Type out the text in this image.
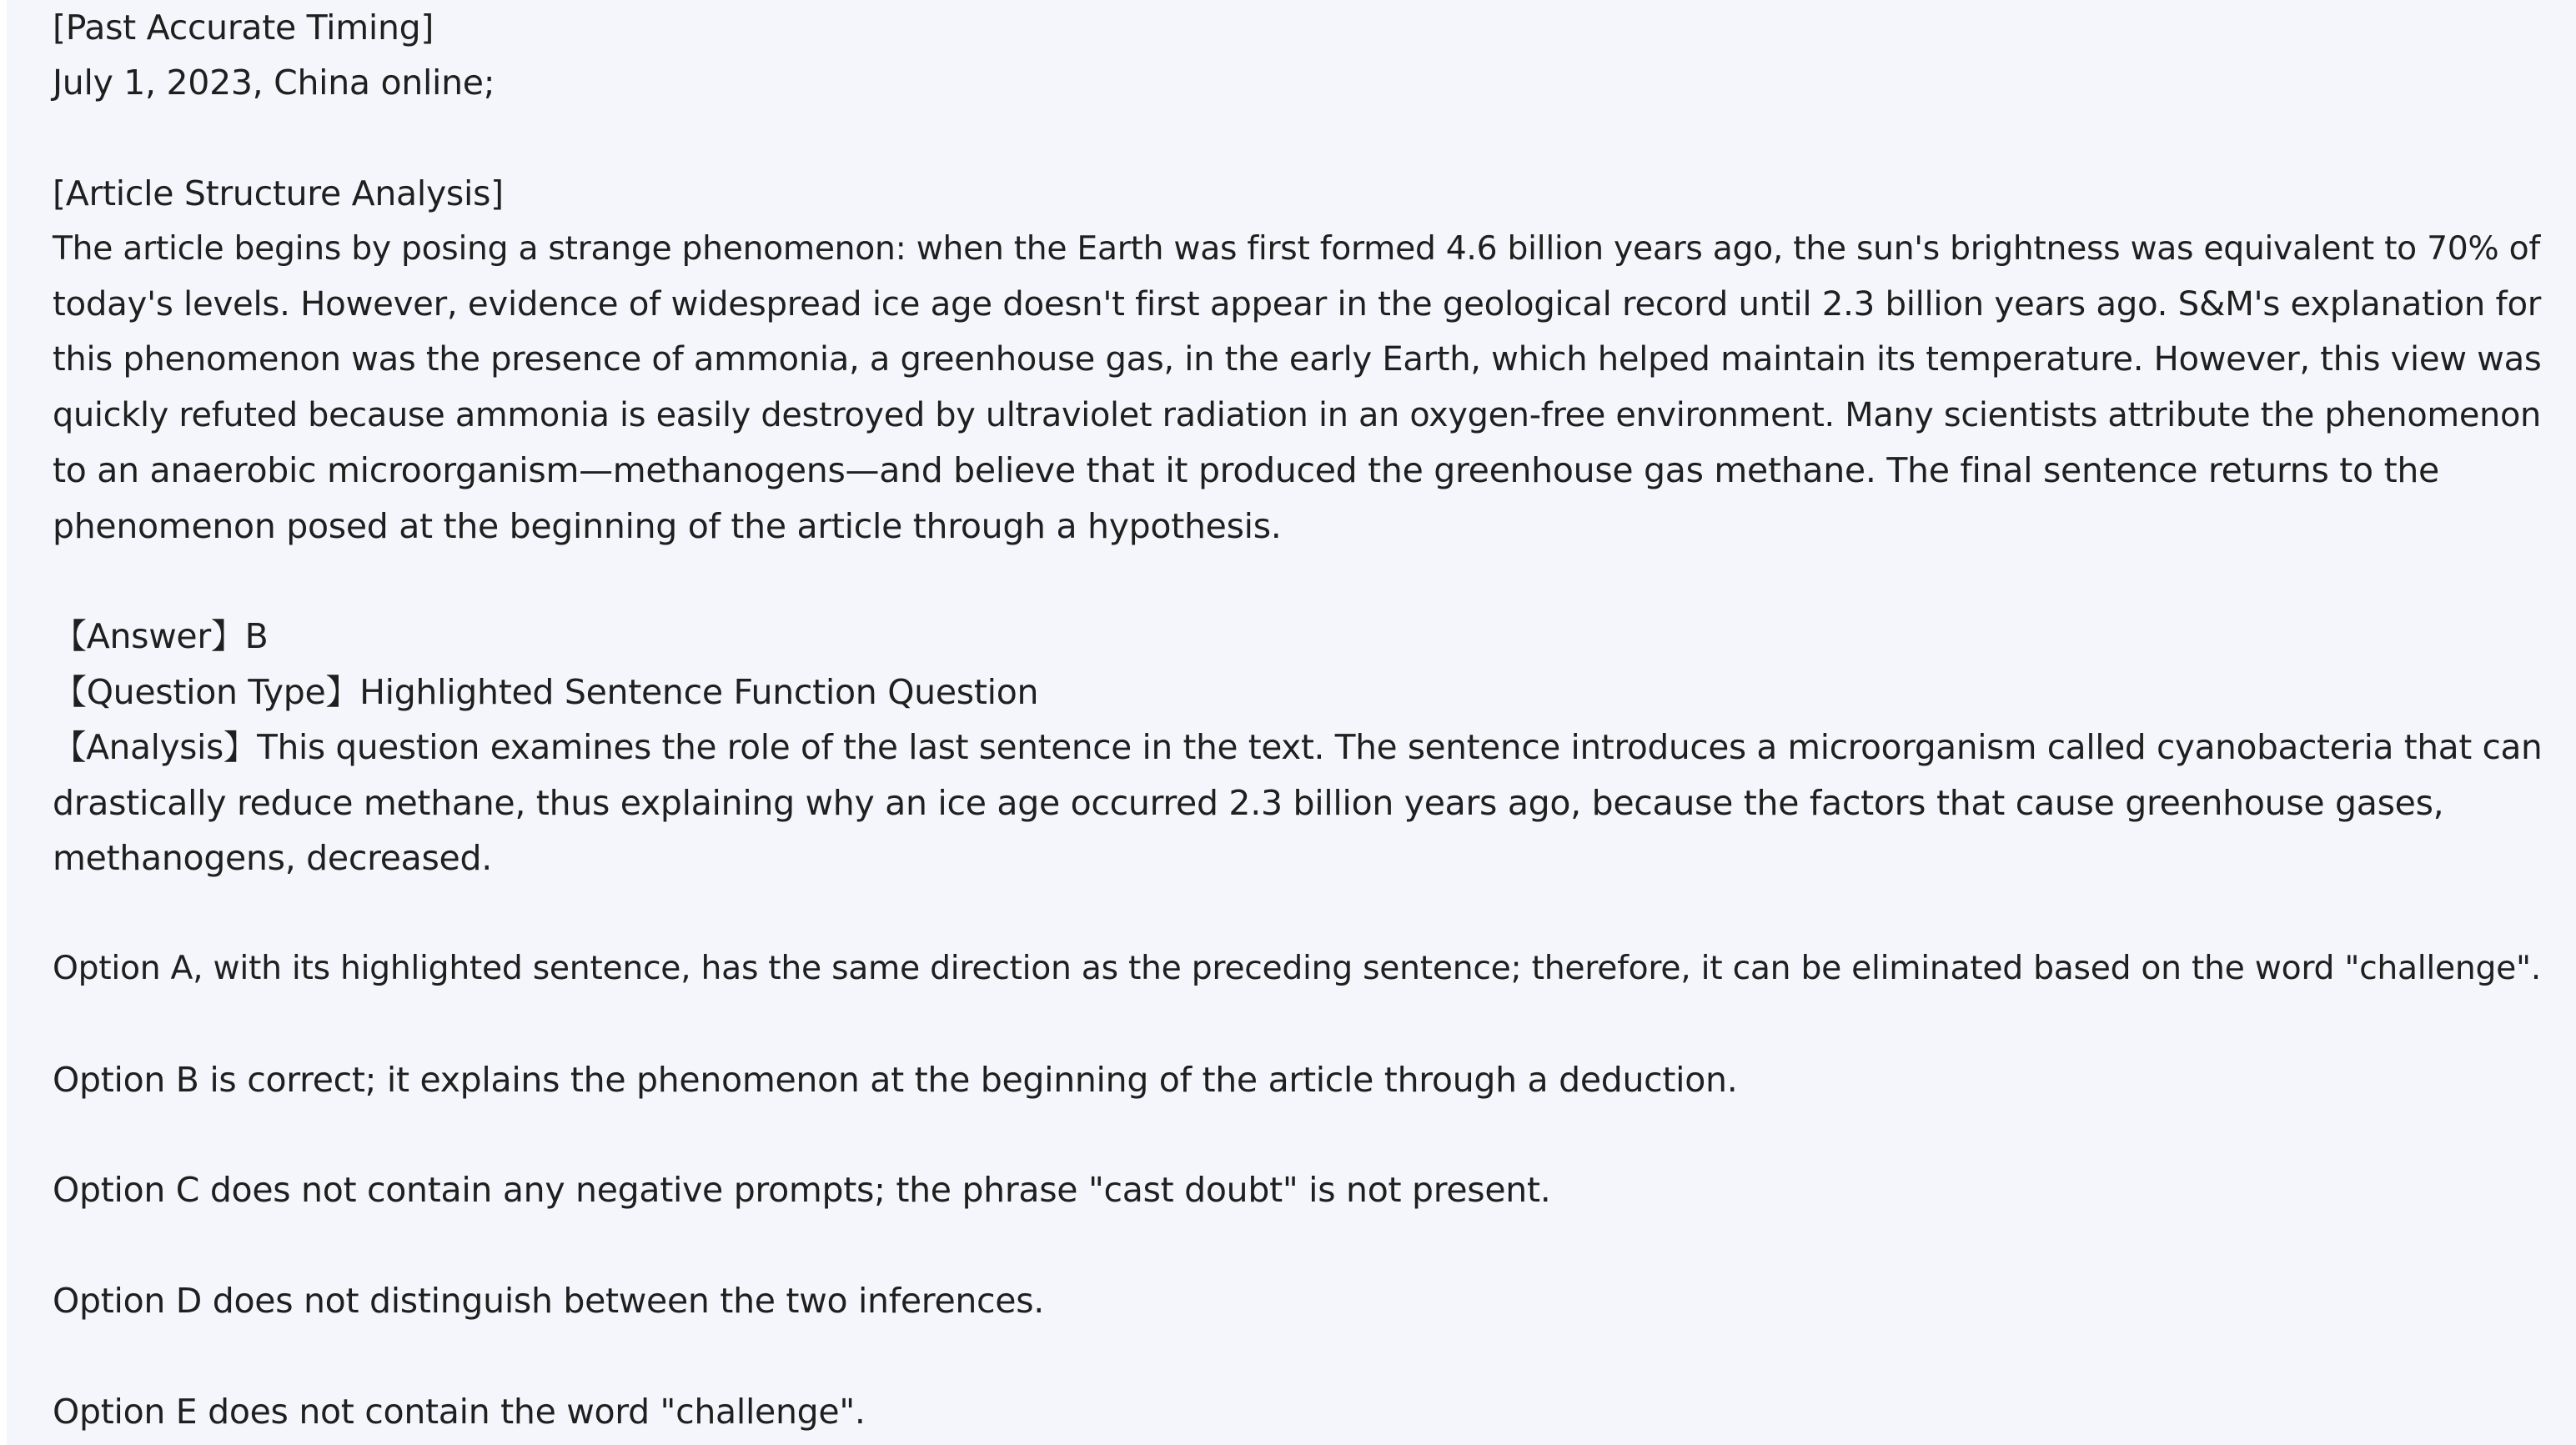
[Past Accurate Timing]
July 1, 2023, China online;
[Article Structure Analysis]
The article begins by posing a strange phenomenon: when the Earth was first formed 4.6 billion years ago, the sun's brightness was equivalent to 70% of
today's levels. However, evidence of widespread ice age doesn't first appear in the geological record until 2.3 billion years ago. S&M's explanation for
this phenomenon was the presence of ammonia, a greenhouse gas, in the early Earth, which helped maintain its temperature. However, this view was
quickly refuted because ammonia is easily destroyed by ultraviolet radiation in an oxygen-free environment. Many scientists attribute the phenomenon
to an anaerobic microorganism—methanogens—and believe that it produced the greenhouse gas methane. The final sentence returns to the
phenomenon posed at the beginning of the article through a hypothesis.
【Answer】B
【Question Type】Highlighted Sentence Function Question
【Analysis】This question examines the role of the last sentence in the text. The sentence introduces a microorganism called cyanobacteria that can
drastically reduce methane, thus explaining why an ice age occurred 2.3 billion years ago, because the factors that cause greenhouse gases,
methanogens, decreased.
Option A, with its highlighted sentence, has the same direction as the preceding sentence; therefore, it can be eliminated based on the word "challenge".
Option B is correct; it explains the phenomenon at the beginning of the article through a deduction.
Option C does not contain any negative prompts; the phrase "cast doubt" is not present.
Option D does not distinguish between the two inferences.
Option E does not contain the word "challenge".
